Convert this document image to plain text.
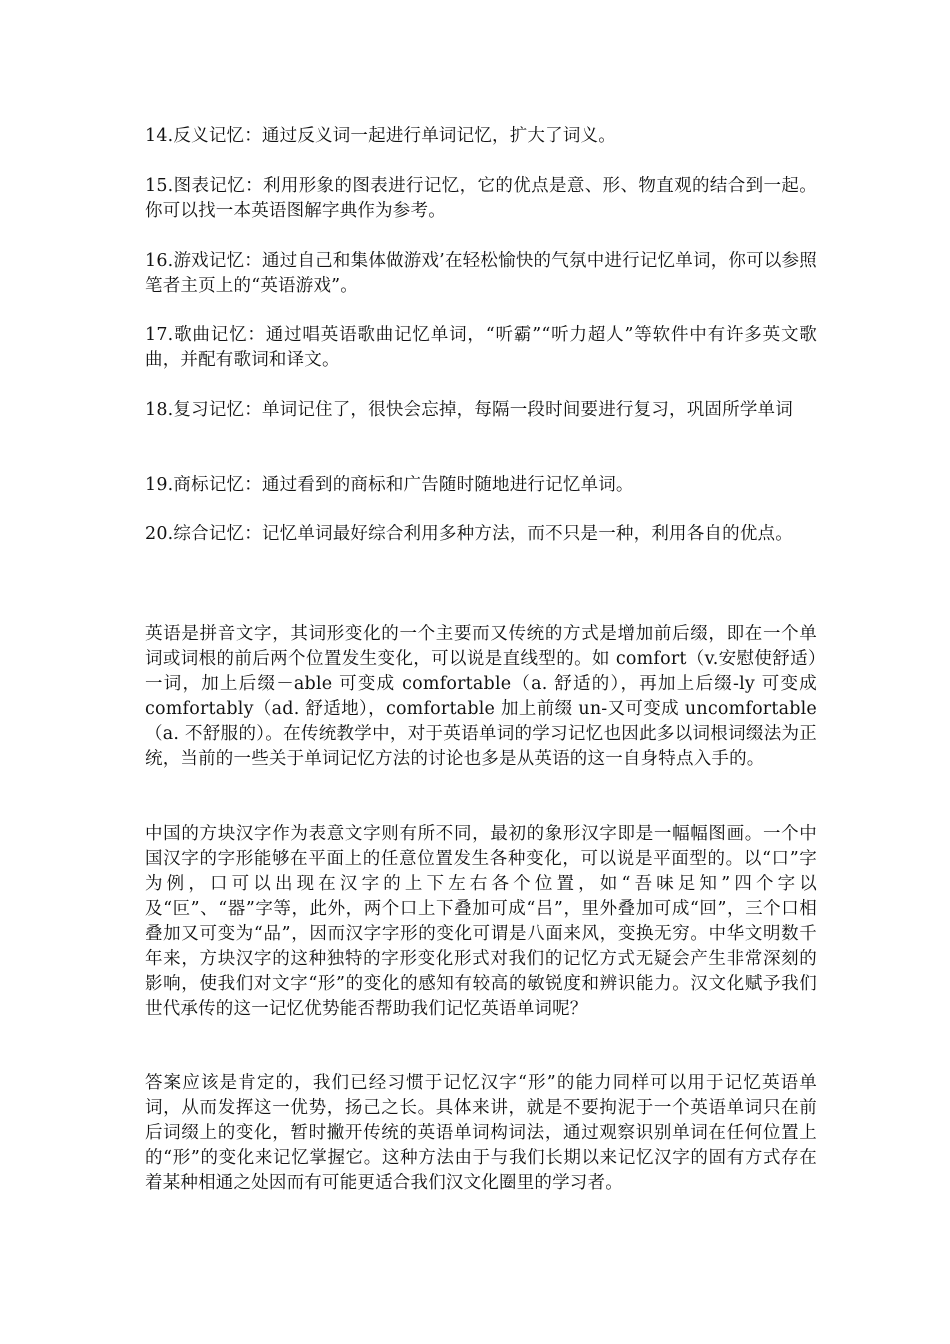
14.反义记忆：通过反义词一起进行单词记忆，扩大了词义。

15.图表记忆：利用形象的图表进行记忆，它的优点是意、形、物直观的结合到一起。你可以找一本英语图解字典作为参考。

16.游戏记忆：通过自己和集体做游戏’在轻松愉快的气氛中进行记忆单词，你可以参照笔者主页上的“英语游戏”。

17.歌曲记忆：通过唱英语歌曲记忆单词，“听霸”“听力超人”等软件中有许多英文歌曲，并配有歌词和译文。

18.复习记忆：单词记住了，很快会忘掉，每隔一段时间要进行复习，巩固所学单词

19.商标记忆：通过看到的商标和广告随时随地进行记忆单词。

20.综合记忆：记忆单词最好综合利用多种方法，而不只是一种，利用各自的优点。

英语是拼音文字，其词形变化的一个主要而又传统的方式是增加前后缀，即在一个单词或词根的前后两个位置发生变化，可以说是直线型的。如 comfort（v.安慰使舒适）一词，加上后缀－able 可变成 comfortable（a. 舒适的），再加上后缀-ly 可变成 comfortably（ad. 舒适地），comfortable 加上前缀 un-又可变成 uncomfortable（a. 不舒服的）。在传统教学中，对于英语单词的学习记忆也因此多以词根词缀法为正统，当前的一些关于单词记忆方法的讨论也多是从英语的这一自身特点入手的。

中国的方块汉字作为表意文字则有所不同，最初的象形汉字即是一幅幅图画。一个中国汉字的字形能够在平面上的任意位置发生各种变化，可以说是平面型的。以“口”字为例，口可以出现在汉字的上下左右各个位置，如“吾味足知”四个字以及“叵”、“器”字等，此外，两个口上下叠加可成“吕”，里外叠加可成“回”，三个口相叠加又可变为“品”，因而汉字字形的变化可谓是八面来风，变换无穷。中华文明数千年来，方块汉字的这种独特的字形变化形式对我们的记忆方式无疑会产生非常深刻的影响，使我们对文字“形”的变化的感知有较高的敏锐度和辨识能力。汉文化赋予我们世代承传的这一记忆优势能否帮助我们记忆英语单词呢？

答案应该是肯定的，我们已经习惯于记忆汉字“形”的能力同样可以用于记忆英语单词，从而发挥这一优势，扬己之长。具体来讲，就是不要拘泥于一个英语单词只在前后词缀上的变化，暂时撇开传统的英语单词构词法，通过观察识别单词在任何位置上的“形”的变化来记忆掌握它。这种方法由于与我们长期以来记忆汉字的固有方式存在着某种相通之处因而有可能更适合我们汉文化圈里的学习者。
